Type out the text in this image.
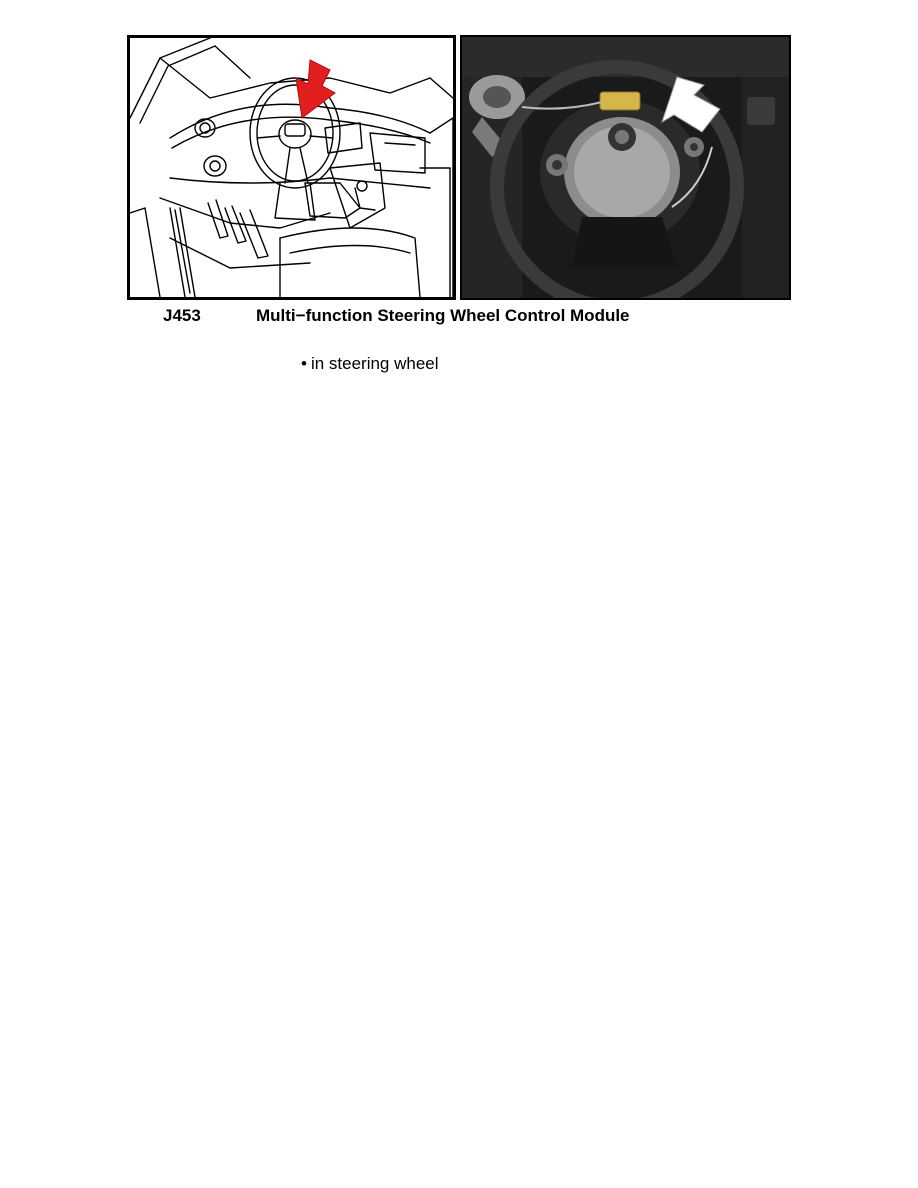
J453	Multi−function Steering Wheel Control Module
• in steering wheel
